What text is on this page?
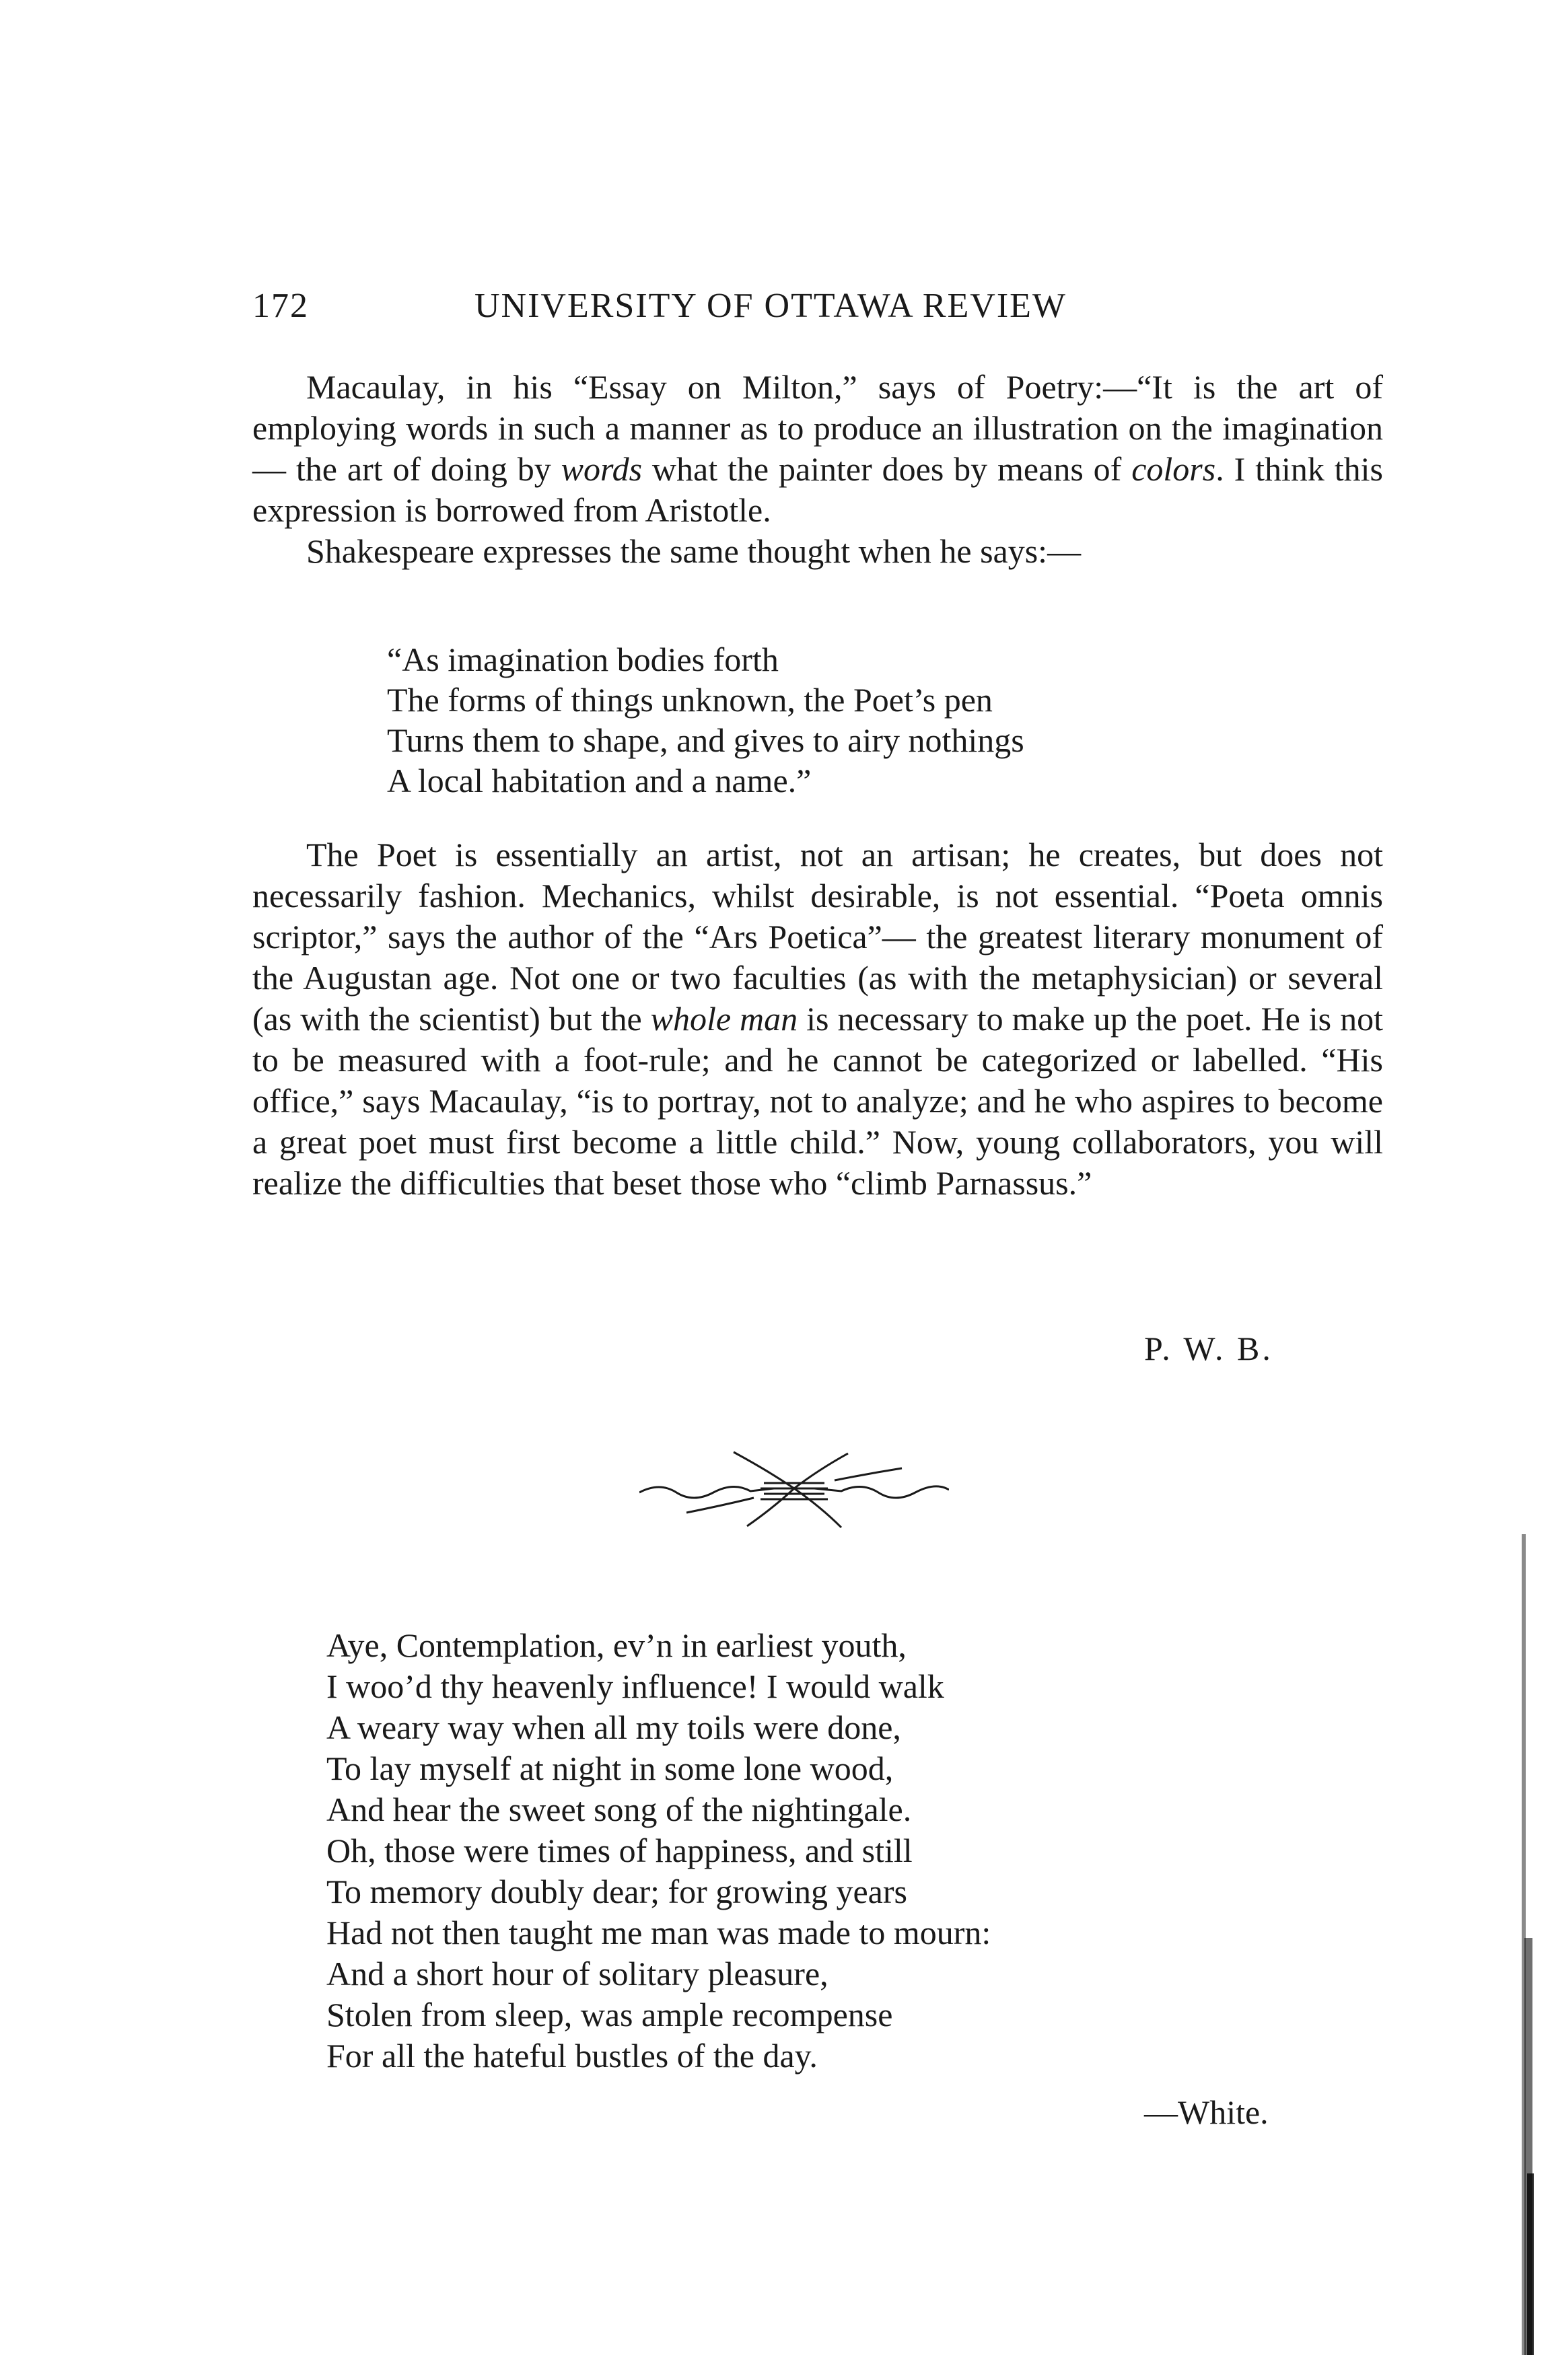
172	UNIVERSITY OF OTTAWA REVIEW

Macaulay, in his “Essay on Milton,” says of Poetry:—“It is the art of employing words in such a manner as to produce an illustration on the imagination — the art of doing by words what the painter does by means of colors. I think this expression is borrowed from Aristotle.

Shakespeare expresses the same thought when he says:—

“As imagination bodies forth
The forms of things unknown, the Poet’s pen
Turns them to shape, and gives to airy nothings
A local habitation and a name.”

The Poet is essentially an artist, not an artisan; he creates, but does not necessarily fashion. Mechanics, whilst desirable, is not essential. “Poeta omnis scriptor,” says the author of the “Ars Poetica”— the greatest literary monument of the Augustan age. Not one or two faculties (as with the metaphysician) or several (as with the scientist) but the whole man is necessary to make up the poet. He is not to be measured with a foot-rule; and he cannot be categorized or labelled. “His office,” says Macaulay, “is to portray, not to analyze; and he who aspires to become a great poet must first become a little child.” Now, young collaborators, you will realize the difficulties that beset those who “climb Parnassus.”

P. W. B.
Aye, Contemplation, ev’n in earliest youth,
I woo’d thy heavenly influence! I would walk
A weary way when all my toils were done,
To lay myself at night in some lone wood,
And hear the sweet song of the nightingale.
Oh, those were times of happiness, and still
To memory doubly dear; for growing years
Had not then taught me man was made to mourn:
And a short hour of solitary pleasure,
Stolen from sleep, was ample recompense
For all the hateful bustles of the day.
—White.
